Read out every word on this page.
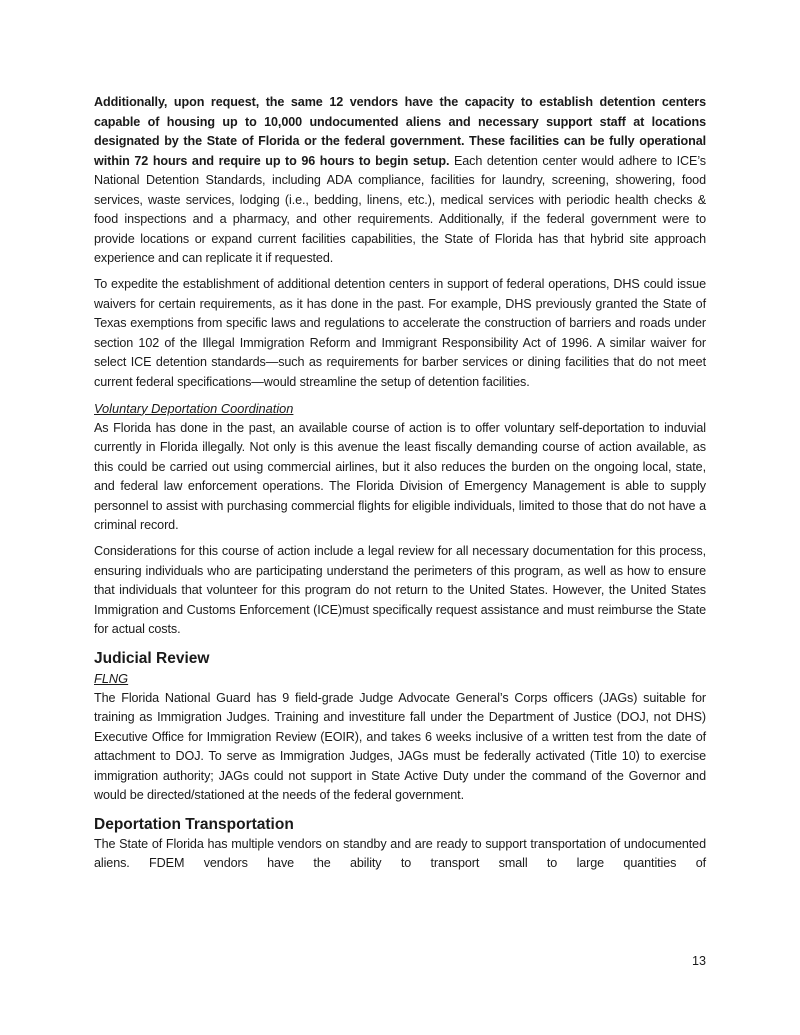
Additionally, upon request, the same 12 vendors have the capacity to establish detention centers capable of housing up to 10,000 undocumented aliens and necessary support staff at locations designated by the State of Florida or the federal government. These facilities can be fully operational within 72 hours and require up to 96 hours to begin setup. Each detention center would adhere to ICE’s National Detention Standards, including ADA compliance, facilities for laundry, screening, showering, food services, waste services, lodging (i.e., bedding, linens, etc.), medical services with periodic health checks & food inspections and a pharmacy, and other requirements. Additionally, if the federal government were to provide locations or expand current facilities capabilities, the State of Florida has that hybrid site approach experience and can replicate it if requested.

To expedite the establishment of additional detention centers in support of federal operations, DHS could issue waivers for certain requirements, as it has done in the past. For example, DHS previously granted the State of Texas exemptions from specific laws and regulations to accelerate the construction of barriers and roads under section 102 of the Illegal Immigration Reform and Immigrant Responsibility Act of 1996. A similar waiver for select ICE detention standards—such as requirements for barber services or dining facilities that do not meet current federal specifications—would streamline the setup of detention facilities.

Voluntary Deportation Coordination

As Florida has done in the past, an available course of action is to offer voluntary self-deportation to induvial currently in Florida illegally. Not only is this avenue the least fiscally demanding course of action available, as this could be carried out using commercial airlines, but it also reduces the burden on the ongoing local, state, and federal law enforcement operations. The Florida Division of Emergency Management is able to supply personnel to assist with purchasing commercial flights for eligible individuals, limited to those that do not have a criminal record.

Considerations for this course of action include a legal review for all necessary documentation for this process, ensuring individuals who are participating understand the perimeters of this program, as well as how to ensure that individuals that volunteer for this program do not return to the United States. However, the United States Immigration and Customs Enforcement (ICE)must specifically request assistance and must reimburse the State for actual costs.

Judicial Review
FLNG

The Florida National Guard has 9 field-grade Judge Advocate General’s Corps officers (JAGs) suitable for training as Immigration Judges. Training and investiture fall under the Department of Justice (DOJ, not DHS) Executive Office for Immigration Review (EOIR), and takes 6 weeks inclusive of a written test from the date of attachment to DOJ. To serve as Immigration Judges, JAGs must be federally activated (Title 10) to exercise immigration authority; JAGs could not support in State Active Duty under the command of the Governor and would be directed/stationed at the needs of the federal government.

Deportation Transportation

The State of Florida has multiple vendors on standby and are ready to support transportation of undocumented aliens. FDEM vendors have the ability to transport small to large quantities of

13
